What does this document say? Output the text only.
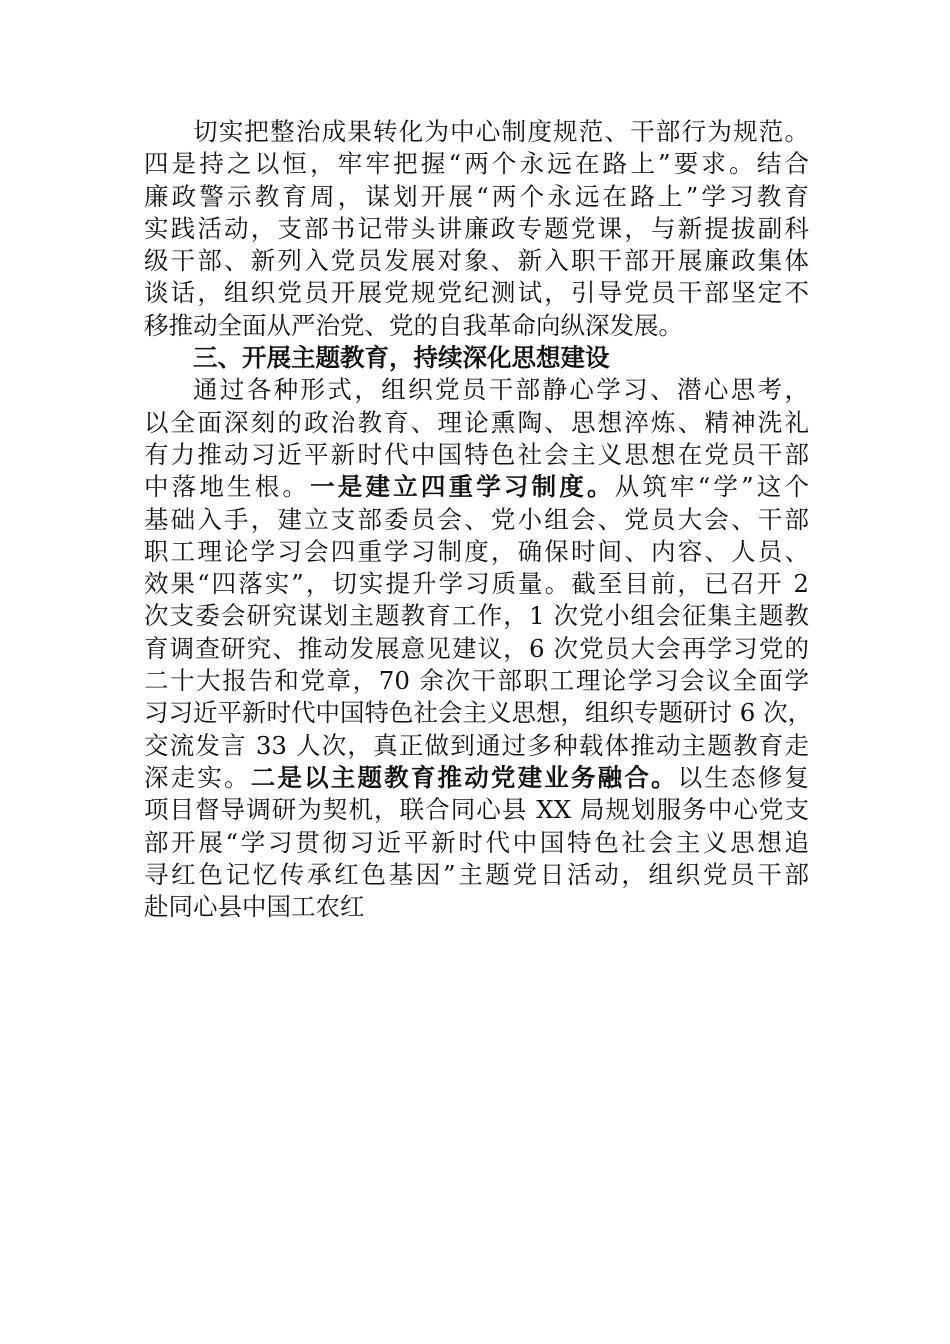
切实把整治成果转化为中心制度规范、干部行为规范。
四是持之以恒，牢牢把握“两个永远在路上”要求。结合
廉政警示教育周，谋划开展“两个永远在路上”学习教育
实践活动，支部书记带头讲廉政专题党课，与新提拔副科
级干部、新列入党员发展对象、新入职干部开展廉政集体
谈话，组织党员开展党规党纪测试，引导党员干部坚定不
移推动全面从严治党、党的自我革命向纵深发展。
三、开展主题教育，持续深化思想建设
通过各种形式，组织党员干部静心学习、潜心思考，
以全面深刻的政治教育、理论熏陶、思想淬炼、精神洗礼
有力推动习近平新时代中国特色社会主义思想在党员干部
中落地生根。一是建立四重学习制度。从筑牢“学”这个
基础入手，建立支部委员会、党小组会、党员大会、干部
职工理论学习会四重学习制度，确保时间、内容、人员、
效果“四落实”，切实提升学习质量。截至目前，已召开 2
次支委会研究谋划主题教育工作，1 次党小组会征集主题教
育调查研究、推动发展意见建议，6 次党员大会再学习党的
二十大报告和党章，70 余次干部职工理论学习会议全面学
习习近平新时代中国特色社会主义思想，组织专题研讨 6 次，
交流发言 33 人次，真正做到通过多种载体推动主题教育走
深走实。二是以主题教育推动党建业务融合。以生态修复
项目督导调研为契机，联合同心县 XX 局规划服务中心党支
部开展“学习贯彻习近平新时代中国特色社会主义思想追
寻红色记忆传承红色基因”主题党日活动，组织党员干部
赴同心县中国工农红
